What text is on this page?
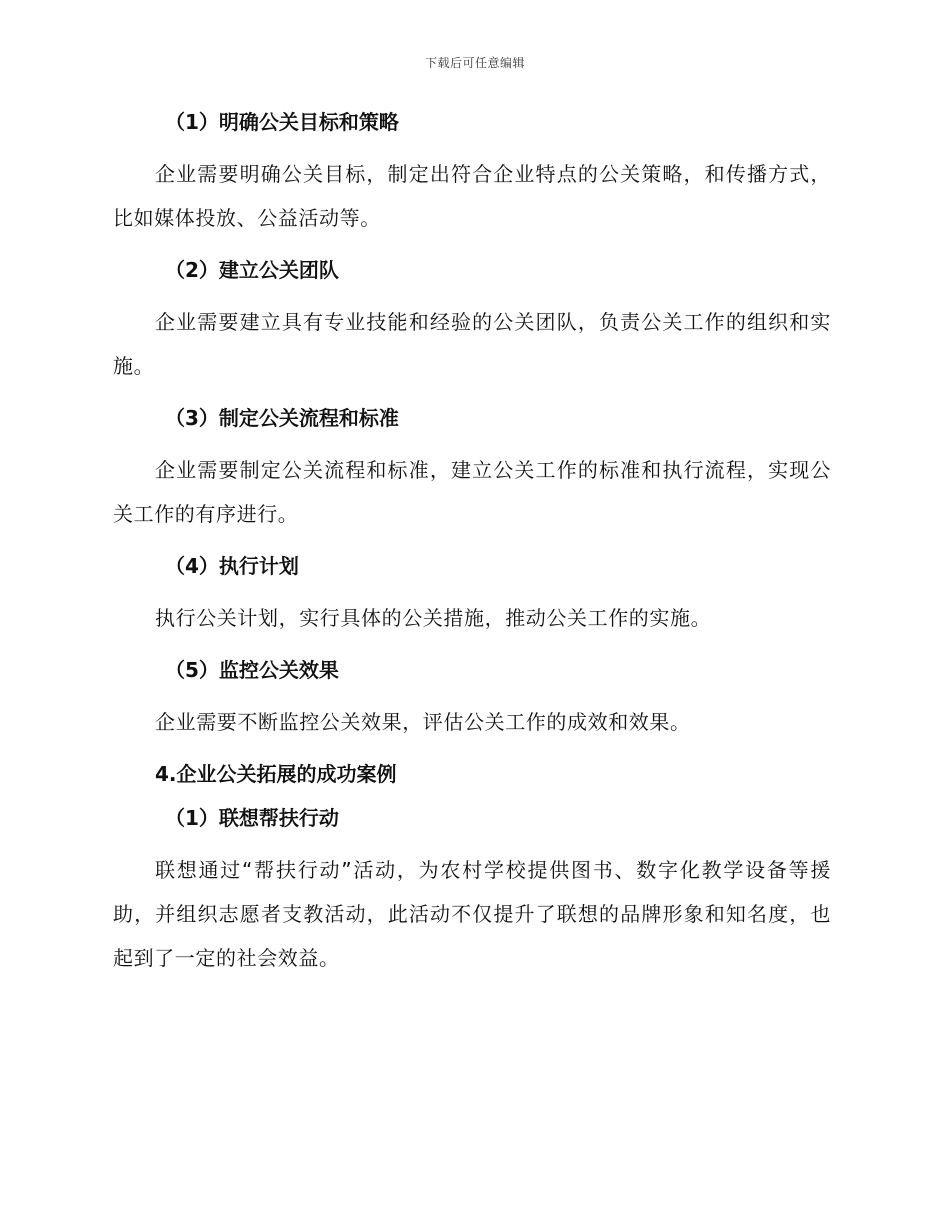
下载后可任意编辑

（1）明确公关目标和策略

企业需要明确公关目标，制定出符合企业特点的公关策略，和传播方式，比如媒体投放、公益活动等。

（2）建立公关团队

企业需要建立具有专业技能和经验的公关团队，负责公关工作的组织和实施。

（3）制定公关流程和标准

企业需要制定公关流程和标准，建立公关工作的标准和执行流程，实现公关工作的有序进行。

（4）执行计划

执行公关计划，实行具体的公关措施，推动公关工作的实施。

（5）监控公关效果

企业需要不断监控公关效果，评估公关工作的成效和效果。

4.企业公关拓展的成功案例

（1）联想帮扶行动

联想通过“帮扶行动”活动，为农村学校提供图书、数字化教学设备等援助，并组织志愿者支教活动，此活动不仅提升了联想的品牌形象和知名度，也起到了一定的社会效益。
